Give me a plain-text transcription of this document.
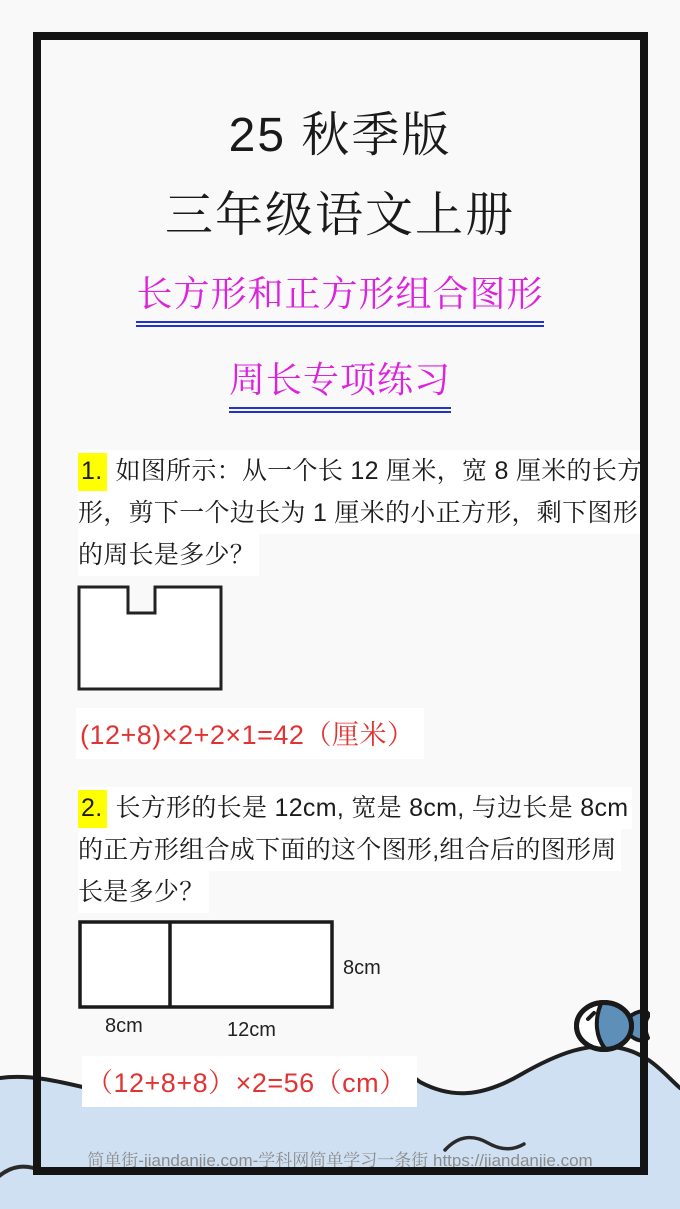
25 秋季版
三年级语文上册
长方形和正方形组合图形
周长专项练习
1. 如图所示：从一个长 12 厘米，宽 8 厘米的长方
形，剪下一个边长为 1 厘米的小正方形，剩下图形
的周长是多少？
(12+8)×2+2×1=42（厘米）
2. 长方形的长是 12cm, 宽是 8cm, 与边长是 8cm
的正方形组合成下面的这个图形,组合后的图形周
长是多少？
8cm	12cm
8cm
（12+8+8）×2=56（cm）
简单街-jiandanjie.com-学科网简单学习一条街 https://jiandanjie.com
